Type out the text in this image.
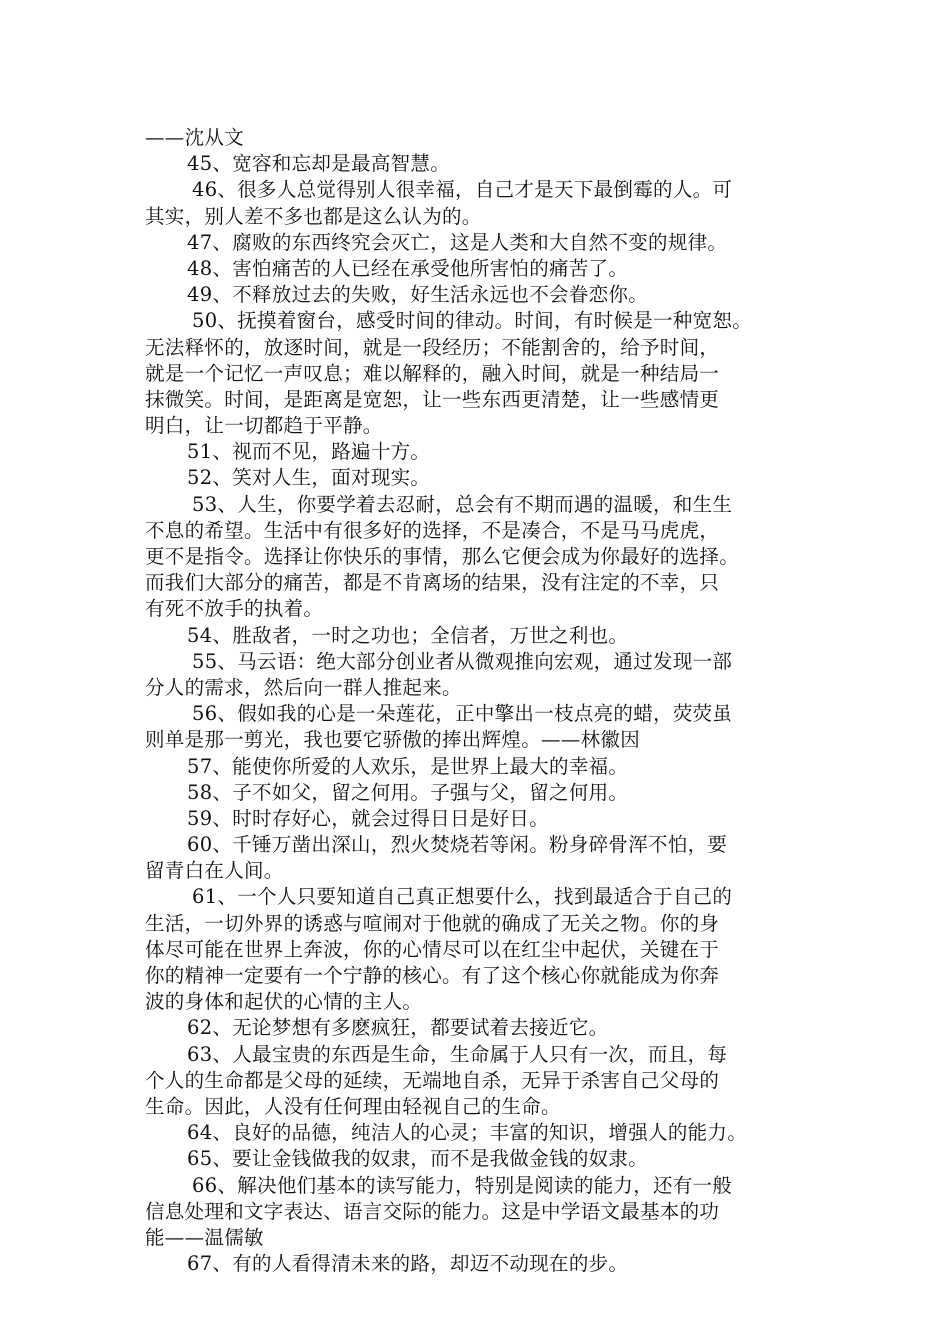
——沈从文
45、宽容和忘却是最高智慧。
46、很多人总觉得别人很幸福，自己才是天下最倒霉的人。可
其实，别人差不多也都是这么认为的。
47、腐败的东西终究会灭亡，这是人类和大自然不变的规律。
48、害怕痛苦的人已经在承受他所害怕的痛苦了。
49、不释放过去的失败，好生活永远也不会眷恋你。
50、抚摸着窗台，感受时间的律动。时间，有时候是一种宽恕。
无法释怀的，放逐时间，就是一段经历；不能割舍的，给予时间，
就是一个记忆一声叹息；难以解释的，融入时间，就是一种结局一
抹微笑。时间，是距离是宽恕，让一些东西更清楚，让一些感情更
明白，让一切都趋于平静。
51、视而不见，路遍十方。
52、笑对人生，面对现实。
53、人生，你要学着去忍耐，总会有不期而遇的温暖，和生生
不息的希望。生活中有很多好的选择，不是凑合，不是马马虎虎，
更不是指令。选择让你快乐的事情，那么它便会成为你最好的选择。
而我们大部分的痛苦，都是不肯离场的结果，没有注定的不幸，只
有死不放手的执着。
54、胜敌者，一时之功也；全信者，万世之利也。
55、马云语：绝大部分创业者从微观推向宏观，通过发现一部
分人的需求，然后向一群人推起来。
56、假如我的心是一朵莲花，正中擎出一枝点亮的蜡，荧荧虽
则单是那一剪光，我也要它骄傲的捧出辉煌。——林徽因
57、能使你所爱的人欢乐，是世界上最大的幸福。
58、子不如父，留之何用。子强与父，留之何用。
59、时时存好心，就会过得日日是好日。
60、千锤万凿出深山，烈火焚烧若等闲。粉身碎骨浑不怕，要
留青白在人间。
61、一个人只要知道自己真正想要什么，找到最适合于自己的
生活，一切外界的诱惑与喧闹对于他就的确成了无关之物。你的身
体尽可能在世界上奔波，你的心情尽可以在红尘中起伏，关键在于
你的精神一定要有一个宁静的核心。有了这个核心你就能成为你奔
波的身体和起伏的心情的主人。
62、无论梦想有多麽疯狂，都要试着去接近它。
63、人最宝贵的东西是生命，生命属于人只有一次，而且，每
个人的生命都是父母的延续，无端地自杀，无异于杀害自己父母的
生命。因此，人没有任何理由轻视自己的生命。
64、良好的品德，纯洁人的心灵；丰富的知识，增强人的能力。
65、要让金钱做我的奴隶，而不是我做金钱的奴隶。
66、解决他们基本的读写能力，特别是阅读的能力，还有一般
信息处理和文字表达、语言交际的能力。这是中学语文最基本的功
能——温儒敏
67、有的人看得清未来的路，却迈不动现在的步。
